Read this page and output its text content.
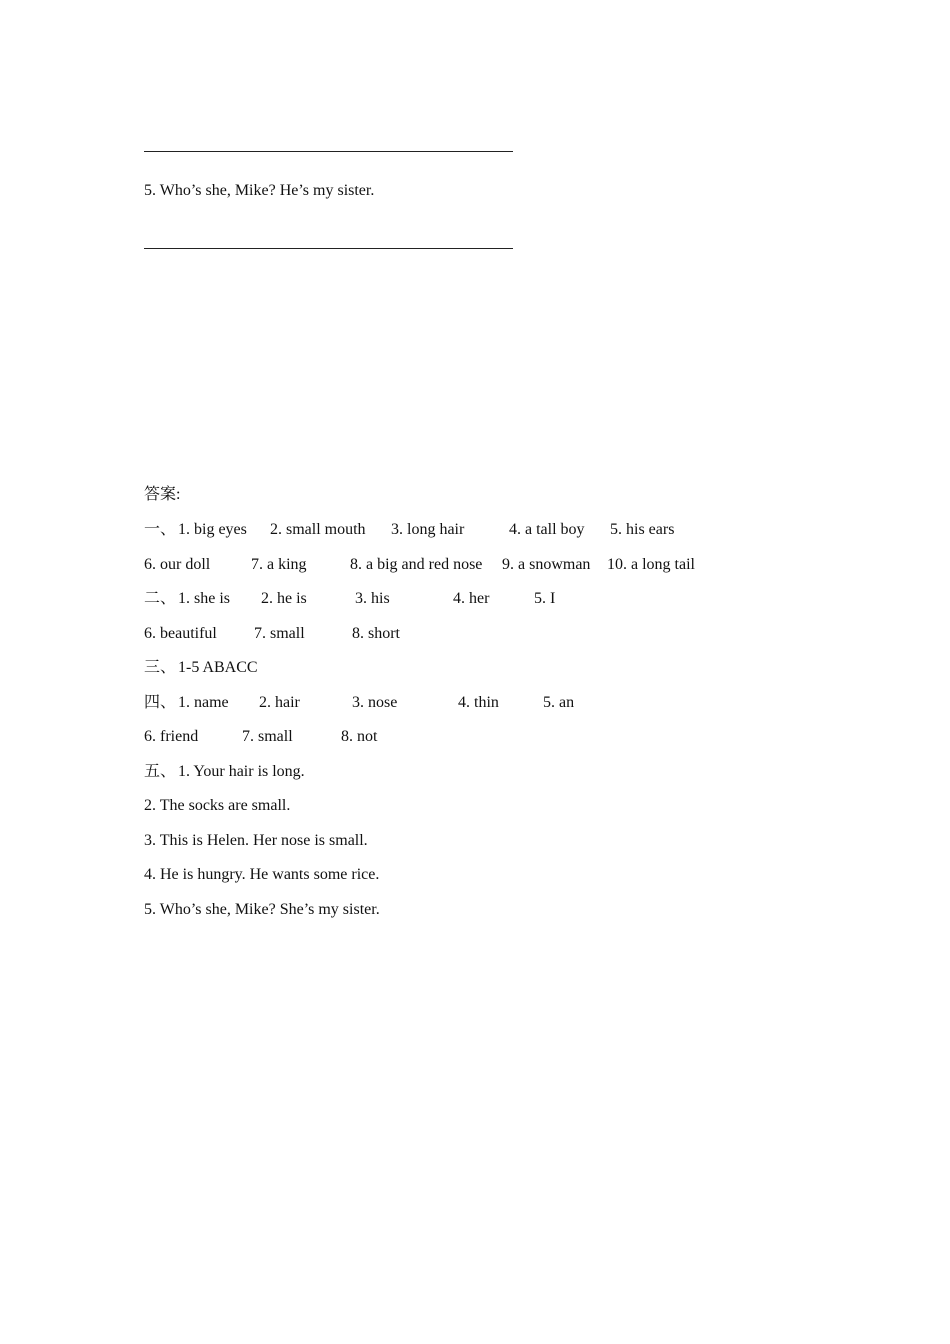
5. Who’s she, Mike? He’s my sister.
答案:
一、 1. big eyes 2. small mouth 3. long hair	4. a tall boy 5. his ears
6. our doll	7. a king	8. a big and red nose 9. a snowman 10. a long tail
二、 1. she is 2. he is	3. his	4. her	5. I
6. beautiful 7. small	8. short
三、 1-5 ABACC
四、 1. name 2. hair	3. nose	4. thin	5. an
6. friend	7. small	8. not
五、 1. Your hair is long.
2. The socks are small.
3. This is Helen. Her nose is small.
4. He is hungry. He wants some rice.
5. Who’s she, Mike? She’s my sister.
